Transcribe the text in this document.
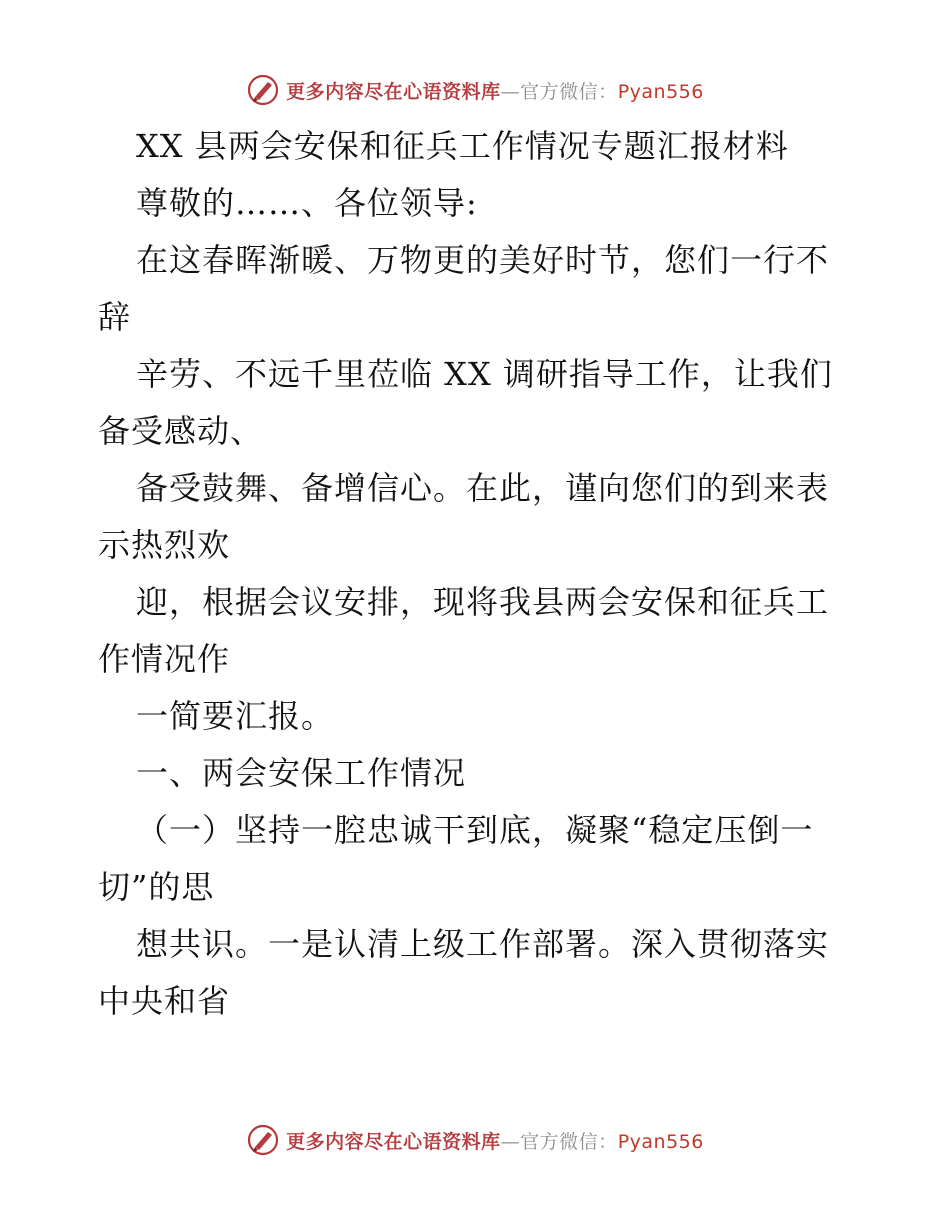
更多内容尽在心语资料库—官方微信：Pyan556
XX 县两会安保和征兵工作情况专题汇报材料
尊敬的……、各位领导:
在这春晖渐暖、万物更的美好时节，您们一行不
辞
辛劳、不远千里莅临 XX 调研指导工作，让我们
备受感动、
备受鼓舞、备增信心。在此，谨向您们的到来表
示热烈欢
迎，根据会议安排，现将我县两会安保和征兵工
作情况作
一简要汇报。
一、两会安保工作情况
（一）坚持一腔忠诚干到底，凝聚“稳定压倒一
切”的思
想共识。一是认清上级工作部署。深入贯彻落实
中央和省
更多内容尽在心语资料库—官方微信：Pyan556
